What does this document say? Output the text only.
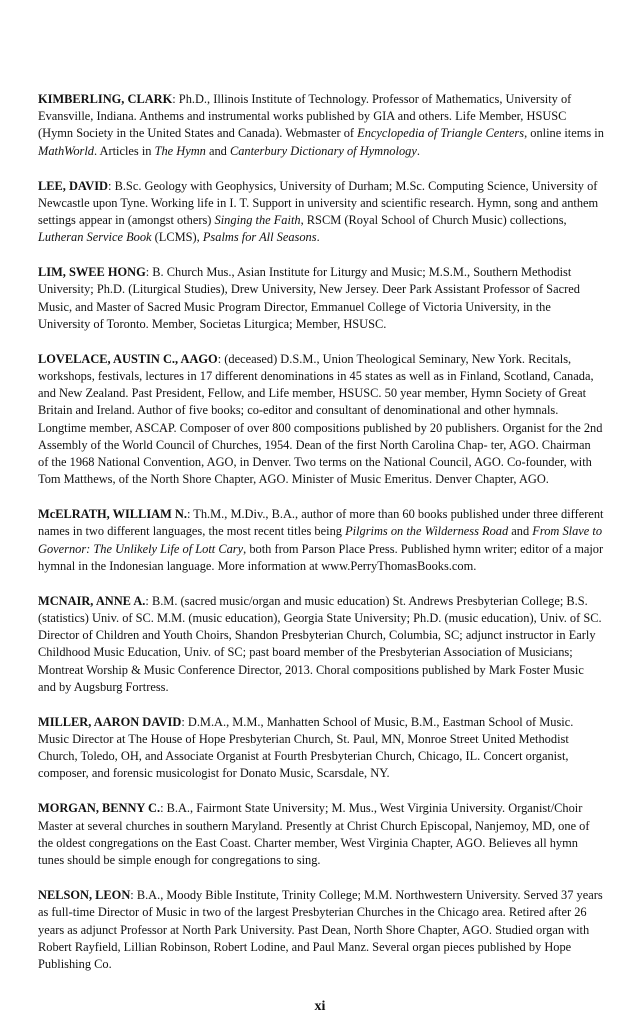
KIMBERLING, CLARK: Ph.D., Illinois Institute of Technology. Professor of Mathematics, University of Evansville, Indiana. Anthems and instrumental works published by GIA and others. Life Member, HSUSC (Hymn Society in the United States and Canada). Webmaster of Encyclopedia of Triangle Centers, online items in MathWorld. Articles in The Hymn and Canterbury Dictionary of Hymnology.
LEE, DAVID: B.Sc. Geology with Geophysics, University of Durham; M.Sc. Computing Science, University of Newcastle upon Tyne. Working life in I. T. Support in university and scientific research. Hymn, song and anthem settings appear in (amongst others) Singing the Faith, RSCM (Royal School of Church Music) collections, Lutheran Service Book (LCMS), Psalms for All Seasons.
LIM, SWEE HONG: B. Church Mus., Asian Institute for Liturgy and Music; M.S.M., Southern Methodist University; Ph.D. (Liturgical Studies), Drew University, New Jersey. Deer Park Assistant Professor of Sacred Music, and Master of Sacred Music Program Director, Emmanuel College of Victoria University, in the University of Toronto. Member, Societas Liturgica; Member, HSUSC.
LOVELACE, AUSTIN C., AAGO: (deceased) D.S.M., Union Theological Seminary, New York. Recitals, workshops, festivals, lectures in 17 different denominations in 45 states as well as in Finland, Scotland, Canada, and New Zealand. Past President, Fellow, and Life member, HSUSC. 50 year member, Hymn Society of Great Britain and Ireland. Author of five books; co-editor and consultant of denominational and other hymnals. Longtime member, ASCAP. Composer of over 800 compositions published by 20 publishers. Organist for the 2nd Assembly of the World Council of Churches, 1954. Dean of the first North Carolina Chap- ter, AGO. Chairman of the 1968 National Convention, AGO, in Denver. Two terms on the National Council, AGO. Co-founder, with Tom Matthews, of the North Shore Chapter, AGO. Minister of Music Emeritus. Denver Chapter, AGO.
McELRATH, WILLIAM N.: Th.M., M.Div., B.A., author of more than 60 books published under three different names in two different languages, the most recent titles being Pilgrims on the Wilderness Road and From Slave to Governor: The Unlikely Life of Lott Cary, both from Parson Place Press. Published hymn writer; editor of a major hymnal in the Indonesian language. More information at www.PerryThomasBooks.com.
MCNAIR, ANNE A.: B.M. (sacred music/organ and music education) St. Andrews Presbyterian College; B.S. (statistics) Univ. of SC. M.M. (music education), Georgia State University; Ph.D. (music education), Univ. of SC. Director of Children and Youth Choirs, Shandon Presbyterian Church, Columbia, SC; adjunct instructor in Early Childhood Music Education, Univ. of SC; past board member of the Presbyterian Association of Musicians; Montreat Worship & Music Conference Director, 2013. Choral compositions published by Mark Foster Music and by Augsburg Fortress.
MILLER, AARON DAVID: D.M.A., M.M., Manhatten School of Music, B.M., Eastman School of Music. Music Director at The House of Hope Presbyterian Church, St. Paul, MN, Monroe Street United Methodist Church, Toledo, OH, and Associate Organist at Fourth Presbyterian Church, Chicago, IL. Concert organist, composer, and forensic musicologist for Donato Music, Scarsdale, NY.
MORGAN, BENNY C.: B.A., Fairmont State University; M. Mus., West Virginia University. Organist/Choir Master at several churches in southern Maryland. Presently at Christ Church Episcopal, Nanjemoy, MD, one of the oldest congregations on the East Coast. Charter member, West Virginia Chapter, AGO. Believes all hymn tunes should be simple enough for congregations to sing.
NELSON, LEON: B.A., Moody Bible Institute, Trinity College; M.M. Northwestern University. Served 37 years as full-time Director of Music in two of the largest Presbyterian Churches in the Chicago area. Retired after 26 years as adjunct Professor at North Park University. Past Dean, North Shore Chapter, AGO. Studied organ with Robert Rayfield, Lillian Robinson, Robert Lodine, and Paul Manz. Several organ pieces published by Hope Publishing Co.
xi
